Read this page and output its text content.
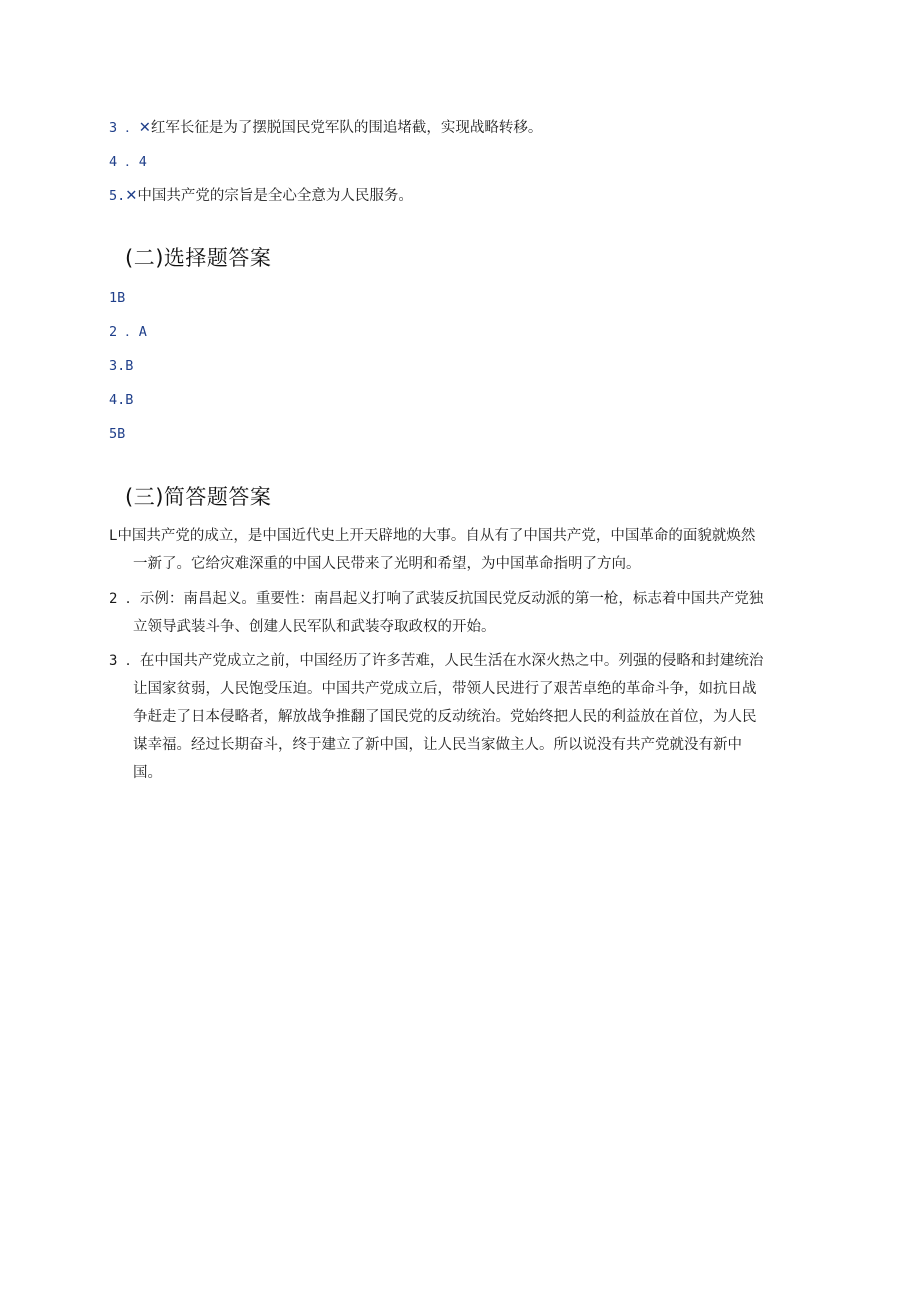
3 ．✕红军长征是为了摆脱国民党军队的围追堵截，实现战略转移。
4 ．4
5.✕中国共产党的宗旨是全心全意为人民服务。
(二)选择题答案
1B
2 ．A
3.B
4.B
5B
(三)简答题答案
L中国共产党的成立，是中国近代史上开天辟地的大事。自从有了中国共产党，中国革命的面貌就焕然
一新了。它给灾难深重的中国人民带来了光明和希望，为中国革命指明了方向。
2 ．示例：南昌起义。重要性：南昌起义打响了武装反抗国民党反动派的第一枪，标志着中国共产党独
立领导武装斗争、创建人民军队和武装夺取政权的开始。
3 ．在中国共产党成立之前，中国经历了许多苦难，人民生活在水深火热之中。列强的侵略和封建统治
让国家贫弱，人民饱受压迫。中国共产党成立后，带领人民进行了艰苦卓绝的革命斗争，如抗日战
争赶走了日本侵略者，解放战争推翻了国民党的反动统治。党始终把人民的利益放在首位，为人民
谋幸福。经过长期奋斗，终于建立了新中国，让人民当家做主人。所以说没有共产党就没有新中
国。
